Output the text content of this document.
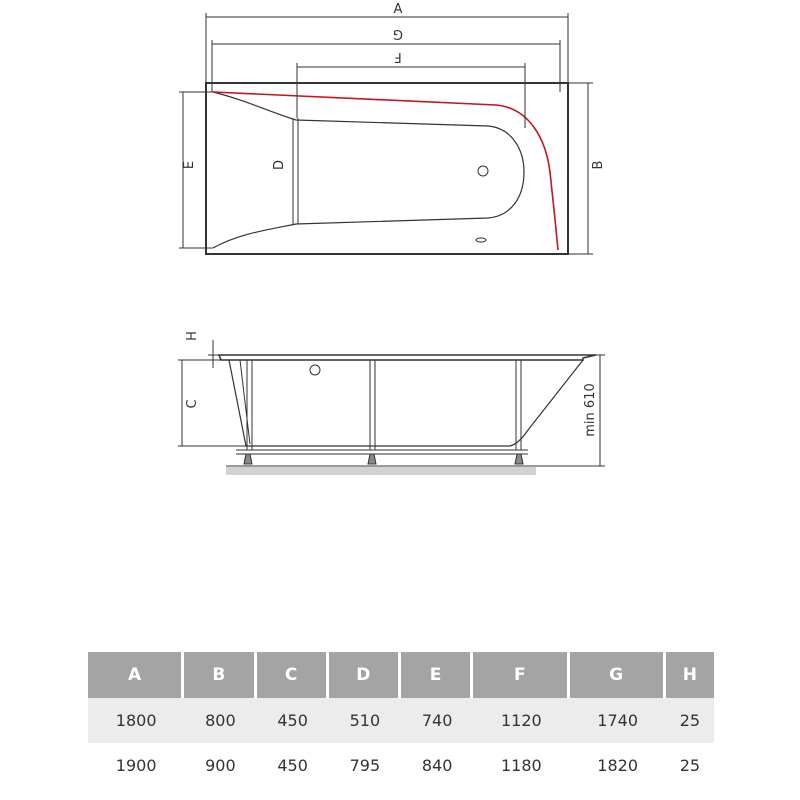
A
G
F
E	D	B
H
C	min 610
A	B	C	D	E	F	G	H
1800	800	450	510	740	1120	1740	25
1900	900	450	795	840	1180	1820	25
